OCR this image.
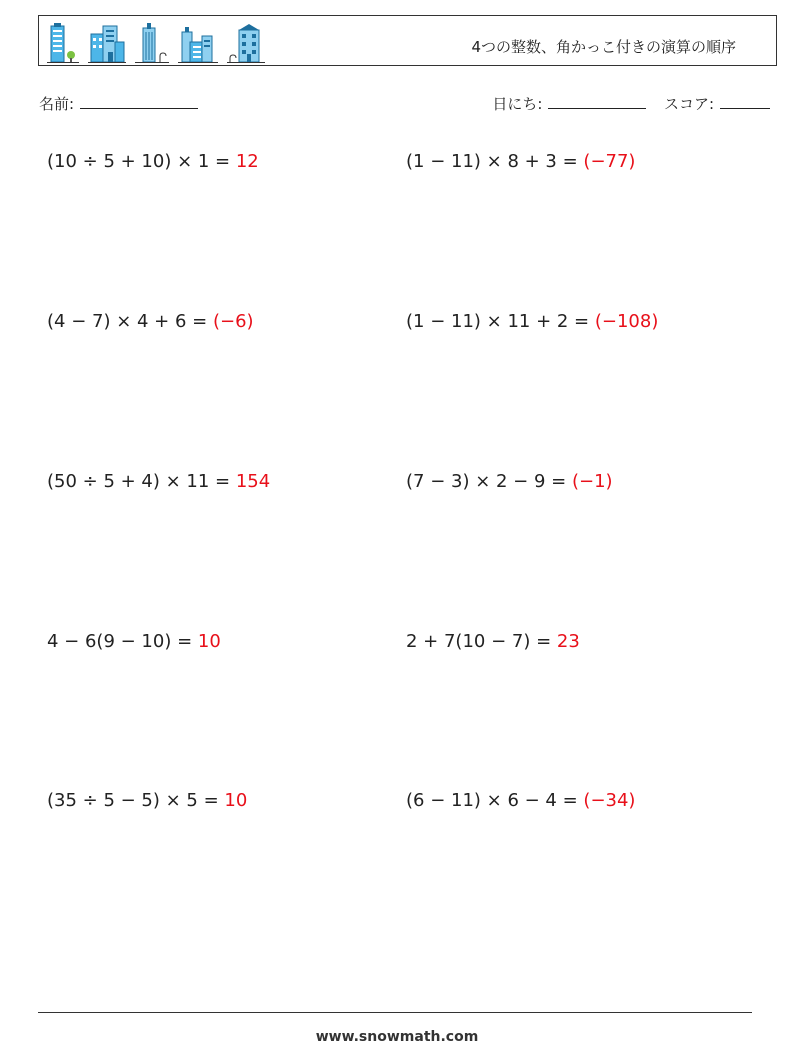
4つの整数、角かっこ付きの演算の順序
名前:	日にち:	スコア:
(10 ÷ 5 + 10) × 1 = 12	(1 − 11) × 8 + 3 = (−77)
(4 − 7) × 4 + 6 = (−6)	(1 − 11) × 11 + 2 = (−108)
(50 ÷ 5 + 4) × 11 = 154	(7 − 3) × 2 − 9 = (−1)
4 − 6(9 − 10) = 10	2 + 7(10 − 7) = 23
(35 ÷ 5 − 5) × 5 = 10	(6 − 11) × 6 − 4 = (−34)
www.snowmath.com
